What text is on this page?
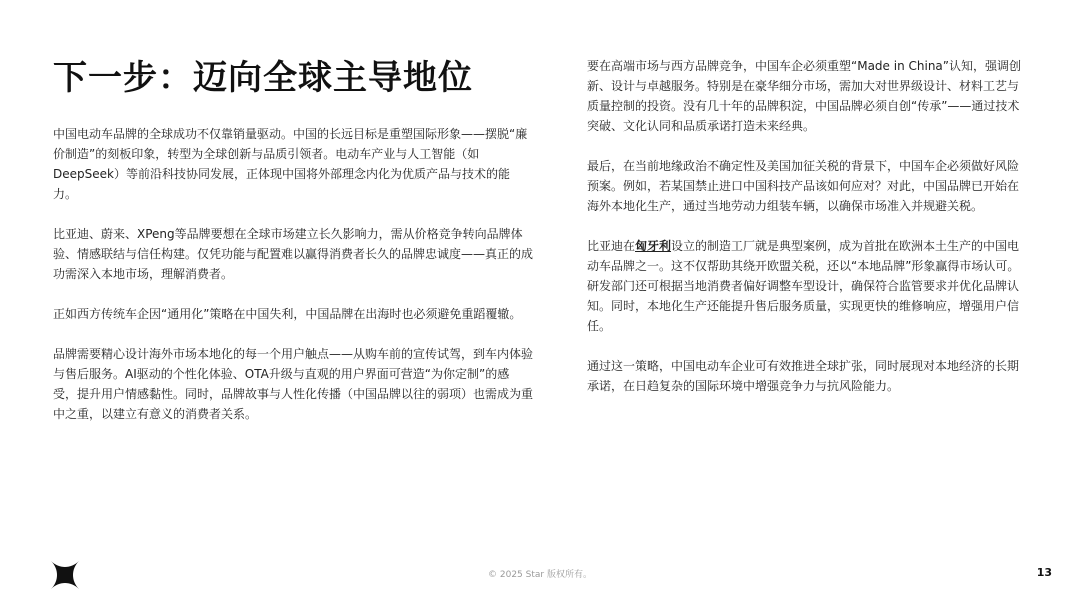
下一步：迈向全球主导地位

中国电动车品牌的全球成功不仅靠销量驱动。中国的长远目标是重塑国际形象——摆脱“廉价制造”的刻板印象，转型为全球创新与品质引领者。电动车产业与人工智能（如DeepSeek）等前沿科技协同发展，正体现中国将外部理念内化为优质产品与技术的能力。

比亚迪、蔚来、XPeng等品牌要想在全球市场建立长久影响力，需从价格竞争转向品牌体验、情感联结与信任构建。仅凭功能与配置难以赢得消费者长久的品牌忠诚度——真正的成功需深入本地市场，理解消费者。

正如西方传统车企因“通用化”策略在中国失利，中国品牌在出海时也必须避免重蹈覆辙。

品牌需要精心设计海外市场本地化的每一个用户触点——从购车前的宣传试驾，到车内体验与售后服务。AI驱动的个性化体验、OTA升级与直观的用户界面可营造“为你定制”的感受，提升用户情感黏性。同时，品牌故事与人性化传播（中国品牌以往的弱项）也需成为重中之重，以建立有意义的消费者关系。

要在高端市场与西方品牌竞争，中国车企必须重塑“Made in China”认知，强调创新、设计与卓越服务。特别是在豪华细分市场，需加大对世界级设计、材料工艺与质量控制的投资。没有几十年的品牌积淀，中国品牌必须自创“传承”——通过技术突破、文化认同和品质承诺打造未来经典。

最后，在当前地缘政治不确定性及美国加征关税的背景下，中国车企必须做好风险预案。例如，若某国禁止进口中国科技产品该如何应对？对此，中国品牌已开始在海外本地化生产，通过当地劳动力组装车辆，以确保市场准入并规避关税。

比亚迪在匈牙利设立的制造工厂就是典型案例，成为首批在欧洲本土生产的中国电动车品牌之一。这不仅帮助其绕开欧盟关税，还以“本地品牌”形象赢得市场认可。研发部门还可根据当地消费者偏好调整车型设计，确保符合监管要求并优化品牌认知。同时，本地化生产还能提升售后服务质量，实现更快的维修响应，增强用户信任。

通过这一策略，中国电动车企业可有效推进全球扩张，同时展现对本地经济的长期承诺，在日趋复杂的国际环境中增强竞争力与抗风险能力。

© 2025 Star 版权所有。	13
